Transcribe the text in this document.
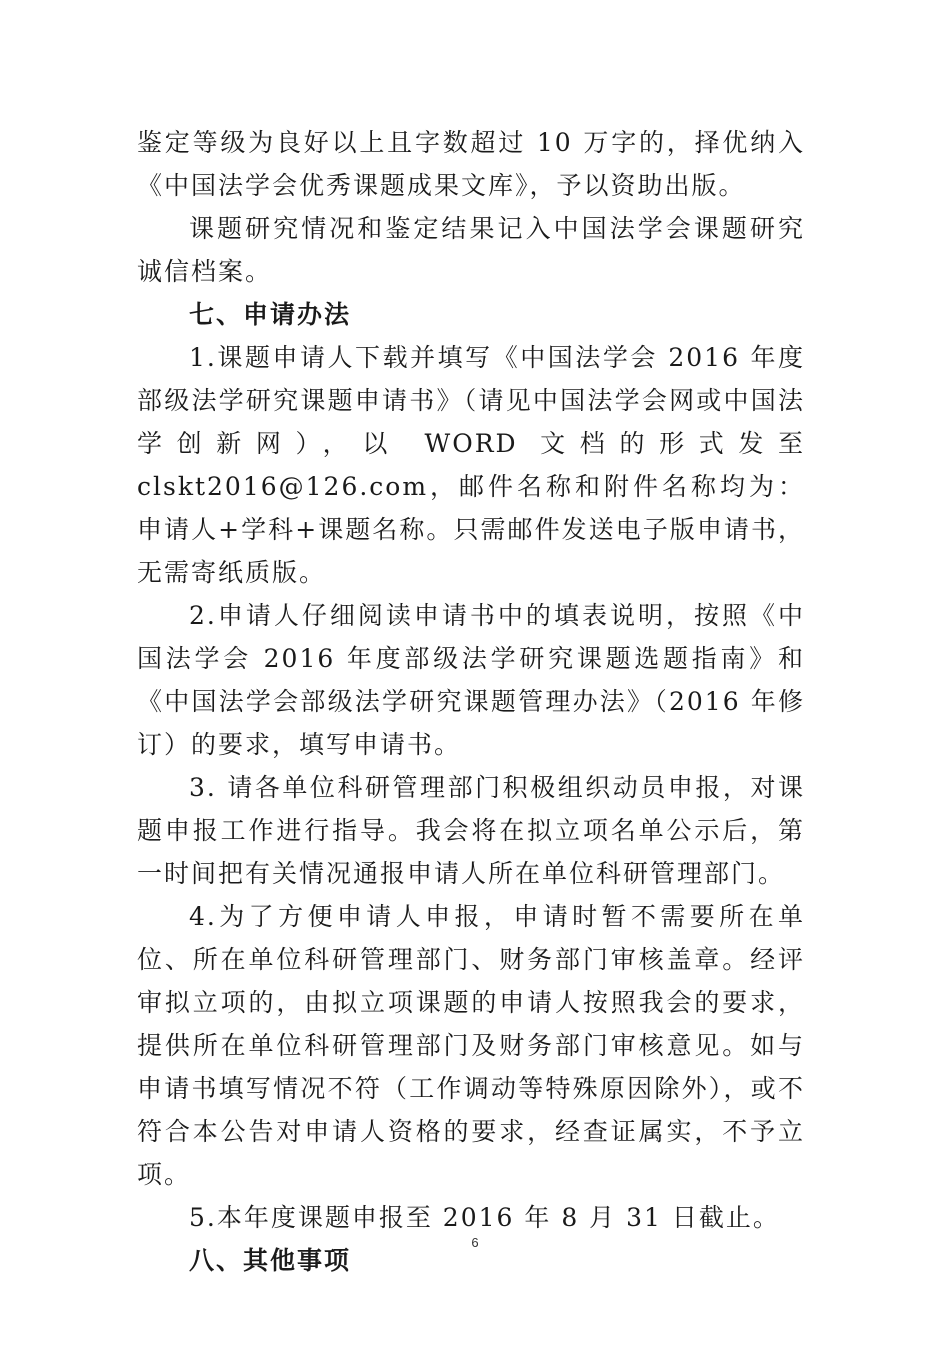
鉴定等级为良好以上且字数超过 10 万字的，择优纳入《中国法学会优秀课题成果文库》，予以资助出版。

课题研究情况和鉴定结果记入中国法学会课题研究诚信档案。

七、申请办法

1.课题申请人下载并填写《中国法学会 2016 年度部级法学研究课题申请书》（请见中国法学会网或中国法学创新网），以 WORD 文档的形式发至 clskt2016@126.com，邮件名称和附件名称均为：申请人+学科+课题名称。只需邮件发送电子版申请书，无需寄纸质版。

2.申请人仔细阅读申请书中的填表说明，按照《中国法学会 2016 年度部级法学研究课题选题指南》和《中国法学会部级法学研究课题管理办法》（2016 年修订）的要求，填写申请书。

3. 请各单位科研管理部门积极组织动员申报，对课题申报工作进行指导。我会将在拟立项名单公示后，第一时间把有关情况通报申请人所在单位科研管理部门。

4.为了方便申请人申报，申请时暂不需要所在单位、所在单位科研管理部门、财务部门审核盖章。经评审拟立项的，由拟立项课题的申请人按照我会的要求，提供所在单位科研管理部门及财务部门审核意见。如与申请书填写情况不符（工作调动等特殊原因除外），或不符合本公告对申请人资格的要求，经查证属实，不予立项。

5.本年度课题申报至 2016 年 8 月 31 日截止。

八、其他事项

6
